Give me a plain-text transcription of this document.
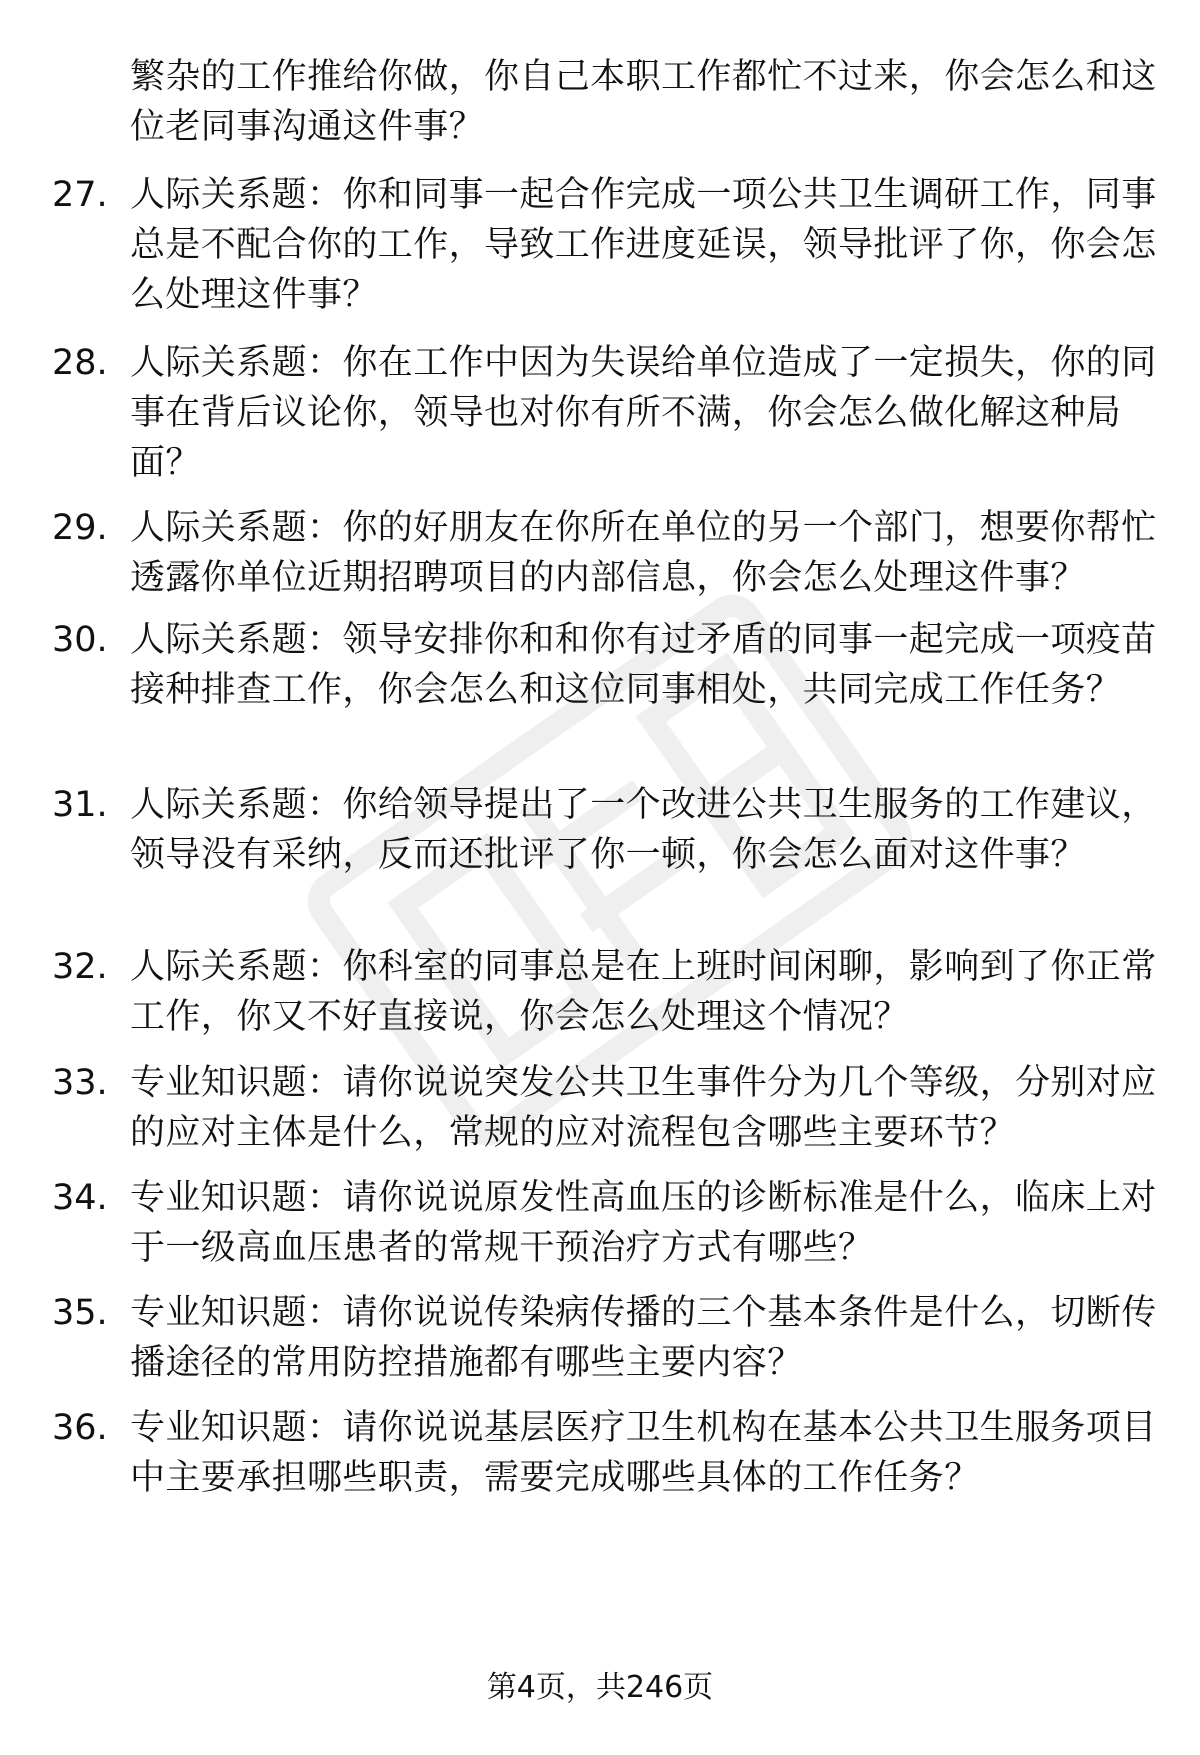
繁杂的工作推给你做，你自己本职工作都忙不过来，你会怎么和这位老同事沟通这件事？
27. 人际关系题：你和同事一起合作完成一项公共卫生调研工作，同事总是不配合你的工作，导致工作进度延误，领导批评了你，你会怎么处理这件事？
28. 人际关系题：你在工作中因为失误给单位造成了一定损失，你的同事在背后议论你，领导也对你有所不满，你会怎么做化解这种局面？
29. 人际关系题：你的好朋友在你所在单位的另一个部门，想要你帮忙透露你单位近期招聘项目的内部信息，你会怎么处理这件事？
30. 人际关系题：领导安排你和和你有过矛盾的同事一起完成一项疫苗接种排查工作，你会怎么和这位同事相处，共同完成工作任务？
31. 人际关系题：你给领导提出了一个改进公共卫生服务的工作建议，领导没有采纳，反而还批评了你一顿，你会怎么面对这件事？
32. 人际关系题：你科室的同事总是在上班时间闲聊，影响到了你正常工作，你又不好直接说，你会怎么处理这个情况？
33. 专业知识题：请你说说突发公共卫生事件分为几个等级，分别对应的应对主体是什么，常规的应对流程包含哪些主要环节？
34. 专业知识题：请你说说原发性高血压的诊断标准是什么，临床上对于一级高血压患者的常规干预治疗方式有哪些？
35. 专业知识题：请你说说传染病传播的三个基本条件是什么，切断传播途径的常用防控措施都有哪些主要内容？
36. 专业知识题：请你说说基层医疗卫生机构在基本公共卫生服务项目中主要承担哪些职责，需要完成哪些具体的工作任务？
第4页，共246页
